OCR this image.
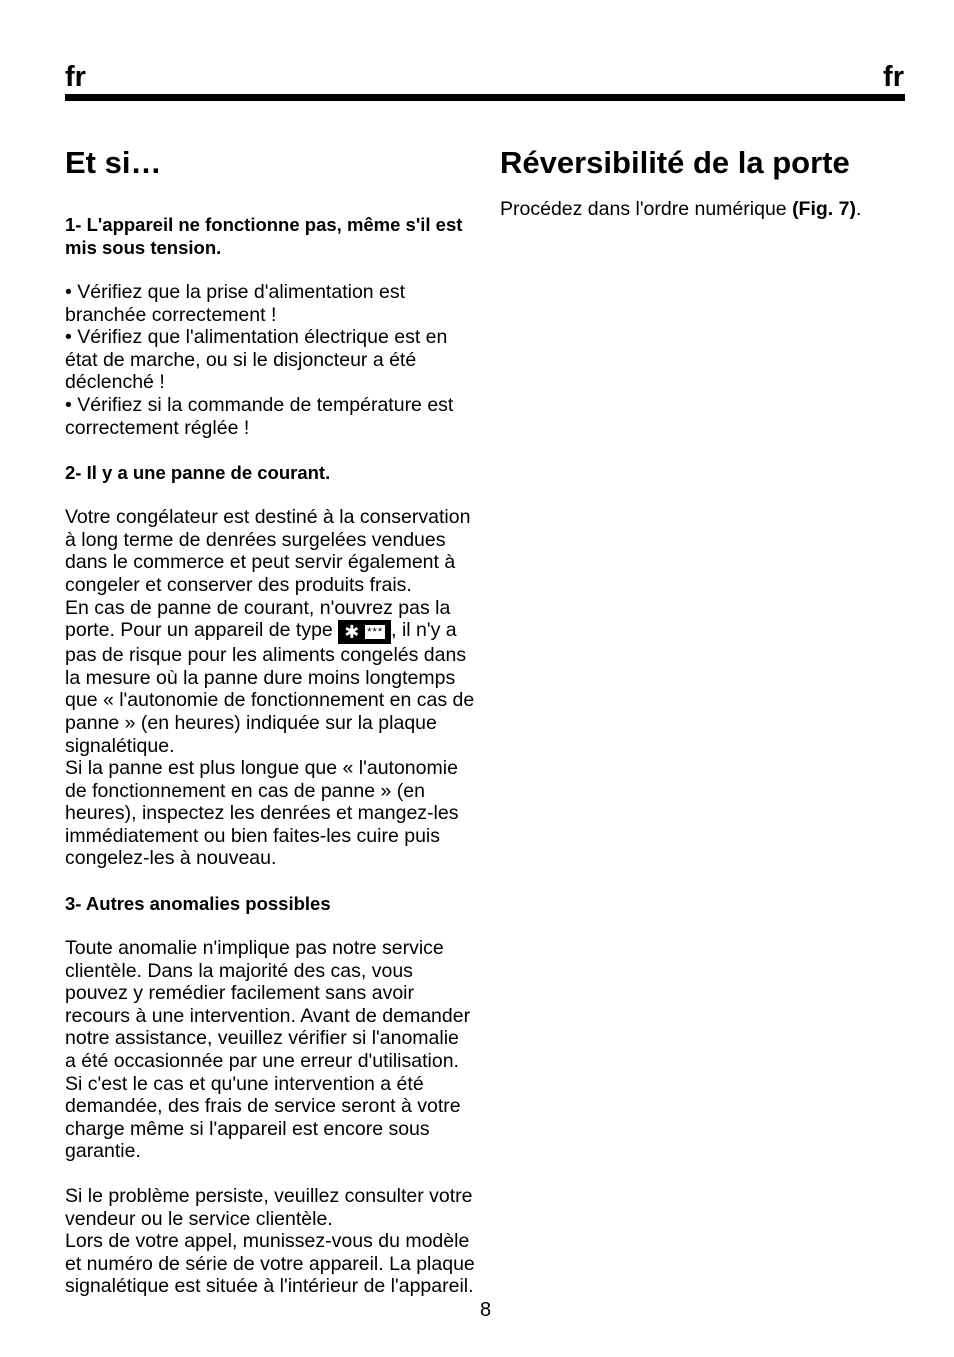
fr	fr
Et si…

1- L'appareil ne fonctionne pas, même s'il est mis sous tension.

• Vérifiez que la prise d'alimentation est branchée correctement !

• Vérifiez que l'alimentation électrique est en état de marche, ou si le disjoncteur a été déclenché !

• Vérifiez si la commande de température est correctement réglée !

2- Il y a une panne de courant.

Votre congélateur est destiné à la conservation à long terme de denrées surgelées vendues dans le commerce et peut servir également à congeler et conserver des produits frais.

En cas de panne de courant, n'ouvrez pas la porte. Pour un appareil de type ✱ *** , il n'y a pas de risque pour les aliments congelés dans la mesure où la panne dure moins longtemps que « l'autonomie de fonctionnement en cas de panne » (en heures) indiquée sur la plaque signalétique.

Si la panne est plus longue que « l'autonomie de fonctionnement en cas de panne » (en heures), inspectez les denrées et mangez-les immédiatement ou bien faites-les cuire puis congelez-les à nouveau.

3- Autres anomalies possibles

Toute anomalie n'implique pas notre service clientèle. Dans la majorité des cas, vous pouvez y remédier facilement sans avoir recours à une intervention. Avant de demander notre assistance, veuillez vérifier si l'anomalie a été occasionnée par une erreur d'utilisation. Si c'est le cas et qu'une intervention a été demandée, des frais de service seront à votre charge même si l'appareil est encore sous garantie.

Si le problème persiste, veuillez consulter votre vendeur ou le service clientèle.

Lors de votre appel, munissez-vous du modèle et numéro de série de votre appareil. La plaque signalétique est située à l'intérieur de l'appareil.

Réversibilité de la porte

Procédez dans l'ordre numérique (Fig. 7).

8
